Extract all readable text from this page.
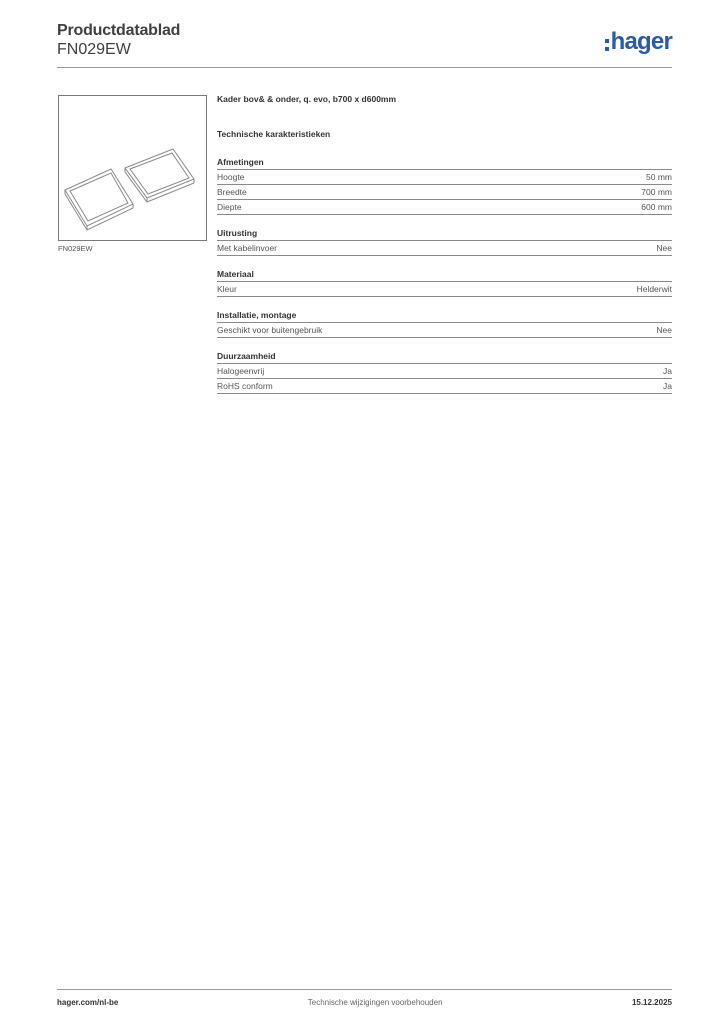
Productdatablad
FN029EW	hager
FN029EW
Kader bov& & onder, q. evo, b700 x d600mm
Technische karakteristieken
Afmetingen
Hoogte	50 mm
Breedte	700 mm
Diepte	600 mm
Uitrusting
Met kabelinvoer	Nee
Materiaal
Kleur	Helderwit
Installatie, montage
Geschikt voor buitengebruik	Nee
Duurzaamheid
Halogeenvrij	Ja
RoHS conform	Ja
hager.com/nl-be	Technische wijzigingen voorbehouden	15.12.2025
